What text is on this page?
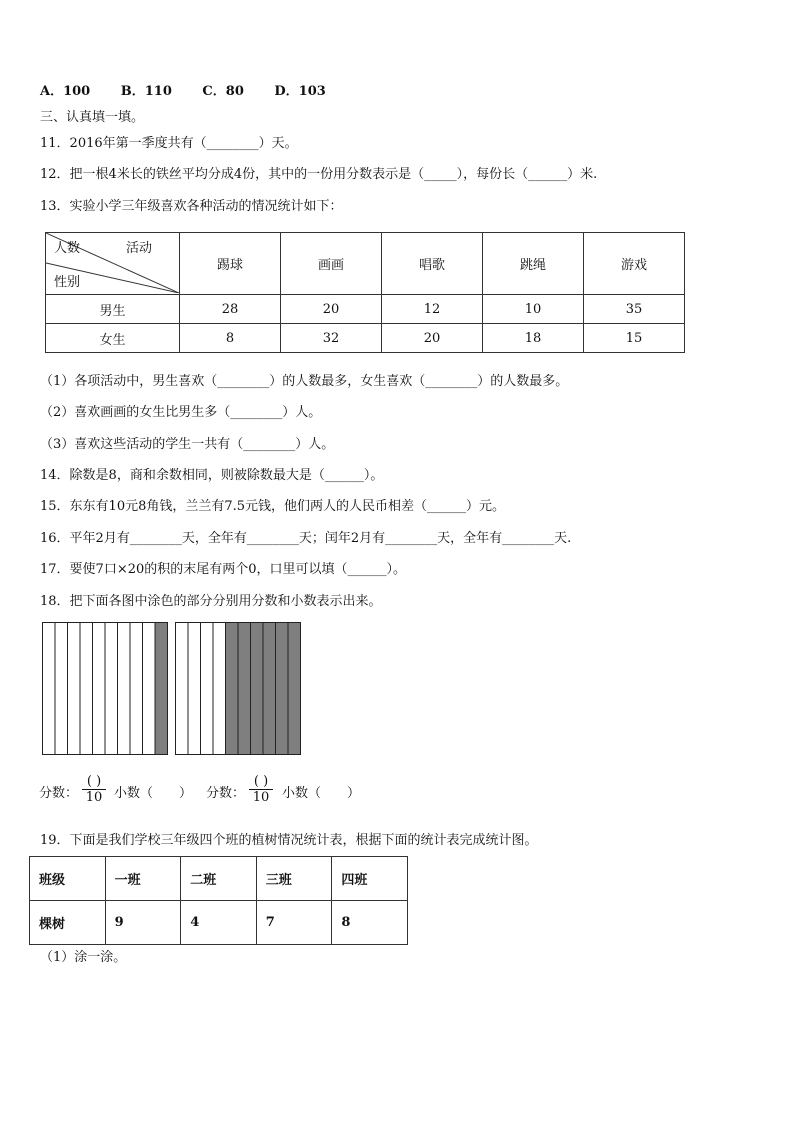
A．100 B．110 C．80 D．103
三、认真填一填。
11．2016年第一季度共有（________）天。
12．把一根4米长的铁丝平均分成4份，其中的一份用分数表示是（_____），每份长（______）米.
13．实验小学三年级喜欢各种活动的情况统计如下：
人数 活动
性别	踢球	画画	唱歌	跳绳	游戏
男生	28	20	12	10	35
女生	8	32	20	18	15
（1）各项活动中，男生喜欢（________）的人数最多，女生喜欢（________）的人数最多。
（2）喜欢画画的女生比男生多（________）人。
（3）喜欢这些活动的学生一共有（________）人。
14．除数是8，商和余数相同，则被除数最大是（______）。
15．东东有10元8角钱，兰兰有7.5元钱，他们两人的人民币相差（______）元。
16．平年2月有________天，全年有________天；闰年2月有________天，全年有________天.
17．要使7口×20的积的末尾有两个0，口里可以填（______）。
18．把下面各图中涂色的部分分别用分数和小数表示出来。
分数：
( )
10 小数（　　） 分数：
( )
10 小数（　　）
19．下面是我们学校三年级四个班的植树情况统计表，根据下面的统计表完成统计图。
班级	一班	二班	三班	四班
棵树	9	4	7	8
（1）涂一涂。
